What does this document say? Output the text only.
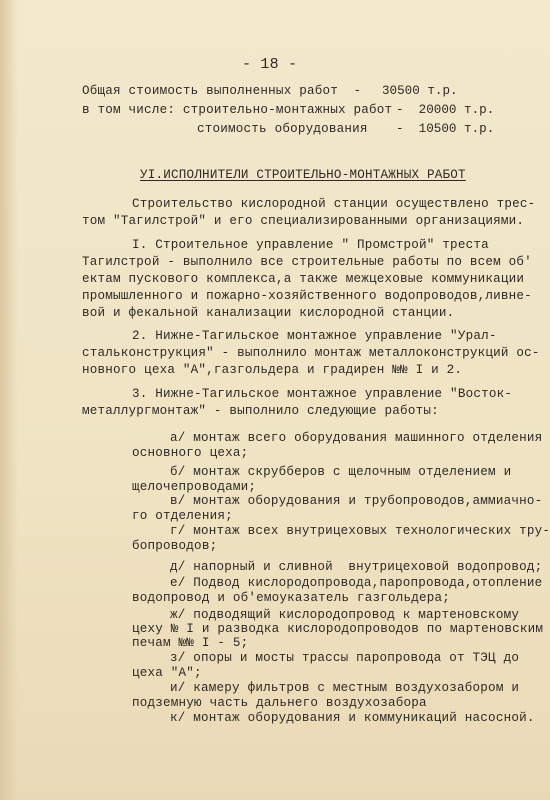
- 18 -
Общая стоимость выполненных работ  - 30500 т.р.
в том числе: строительно-монтажных работ -  20000 т.р.
стоимость оборудования -  10500 т.р.
УI.ИСПОЛНИТЕЛИ СТРОИТЕЛЬНО-МОНТАЖНЫХ РАБОТ
Строительство кислородной станции осуществлено трес-
том "Тагилстрой" и его специализированными организациями.
I. Строительное управление " Промстрой" треста
Тагилстрой - выполнило все строительные работы по всем об'
ектам пускового комплекса,а также межцеховые коммуникации
промышленного и пожарно-хозяйственного водопроводов,ливне-
вой и фекальной канализации кислородной станции.
2. Нижне-Тагильское монтажное управление "Урал-
стальконструкция" - выполнило монтаж металлоконструкций ос-
новного цеха "А",газгольдера и градирен №№ I и 2.
3. Нижне-Тагильское монтажное управление "Восток-
металлургмонтаж" - выполнило следующие работы:
а/ монтаж всего оборудования машинного отделения
основного цеха;
б/ монтаж скрубберов с щелочным отделением и
щелочепроводами;
в/ монтаж оборудования и трубопроводов,аммиачно-
го отделения;
г/ монтаж всех внутрицеховых технологических тру-
бопроводов;
д/ напорный и сливной  внутрицеховой водопровод;
е/ Подвод кислородопровода,паропровода,отопление
водопровод и об'емоуказатель газгольдера;
ж/ подводящий кислородопровод к мартеновскому
цеху № I и разводка кислородопроводов по мартеновским
печам №№ I - 5;
з/ опоры и мосты трассы паропровода от ТЭЦ до
цеха "А";
и/ камеру фильтров с местным воздухозабором и
подземную часть дальнего воздухозабора
к/ монтаж оборудования и коммуникаций насосной.
